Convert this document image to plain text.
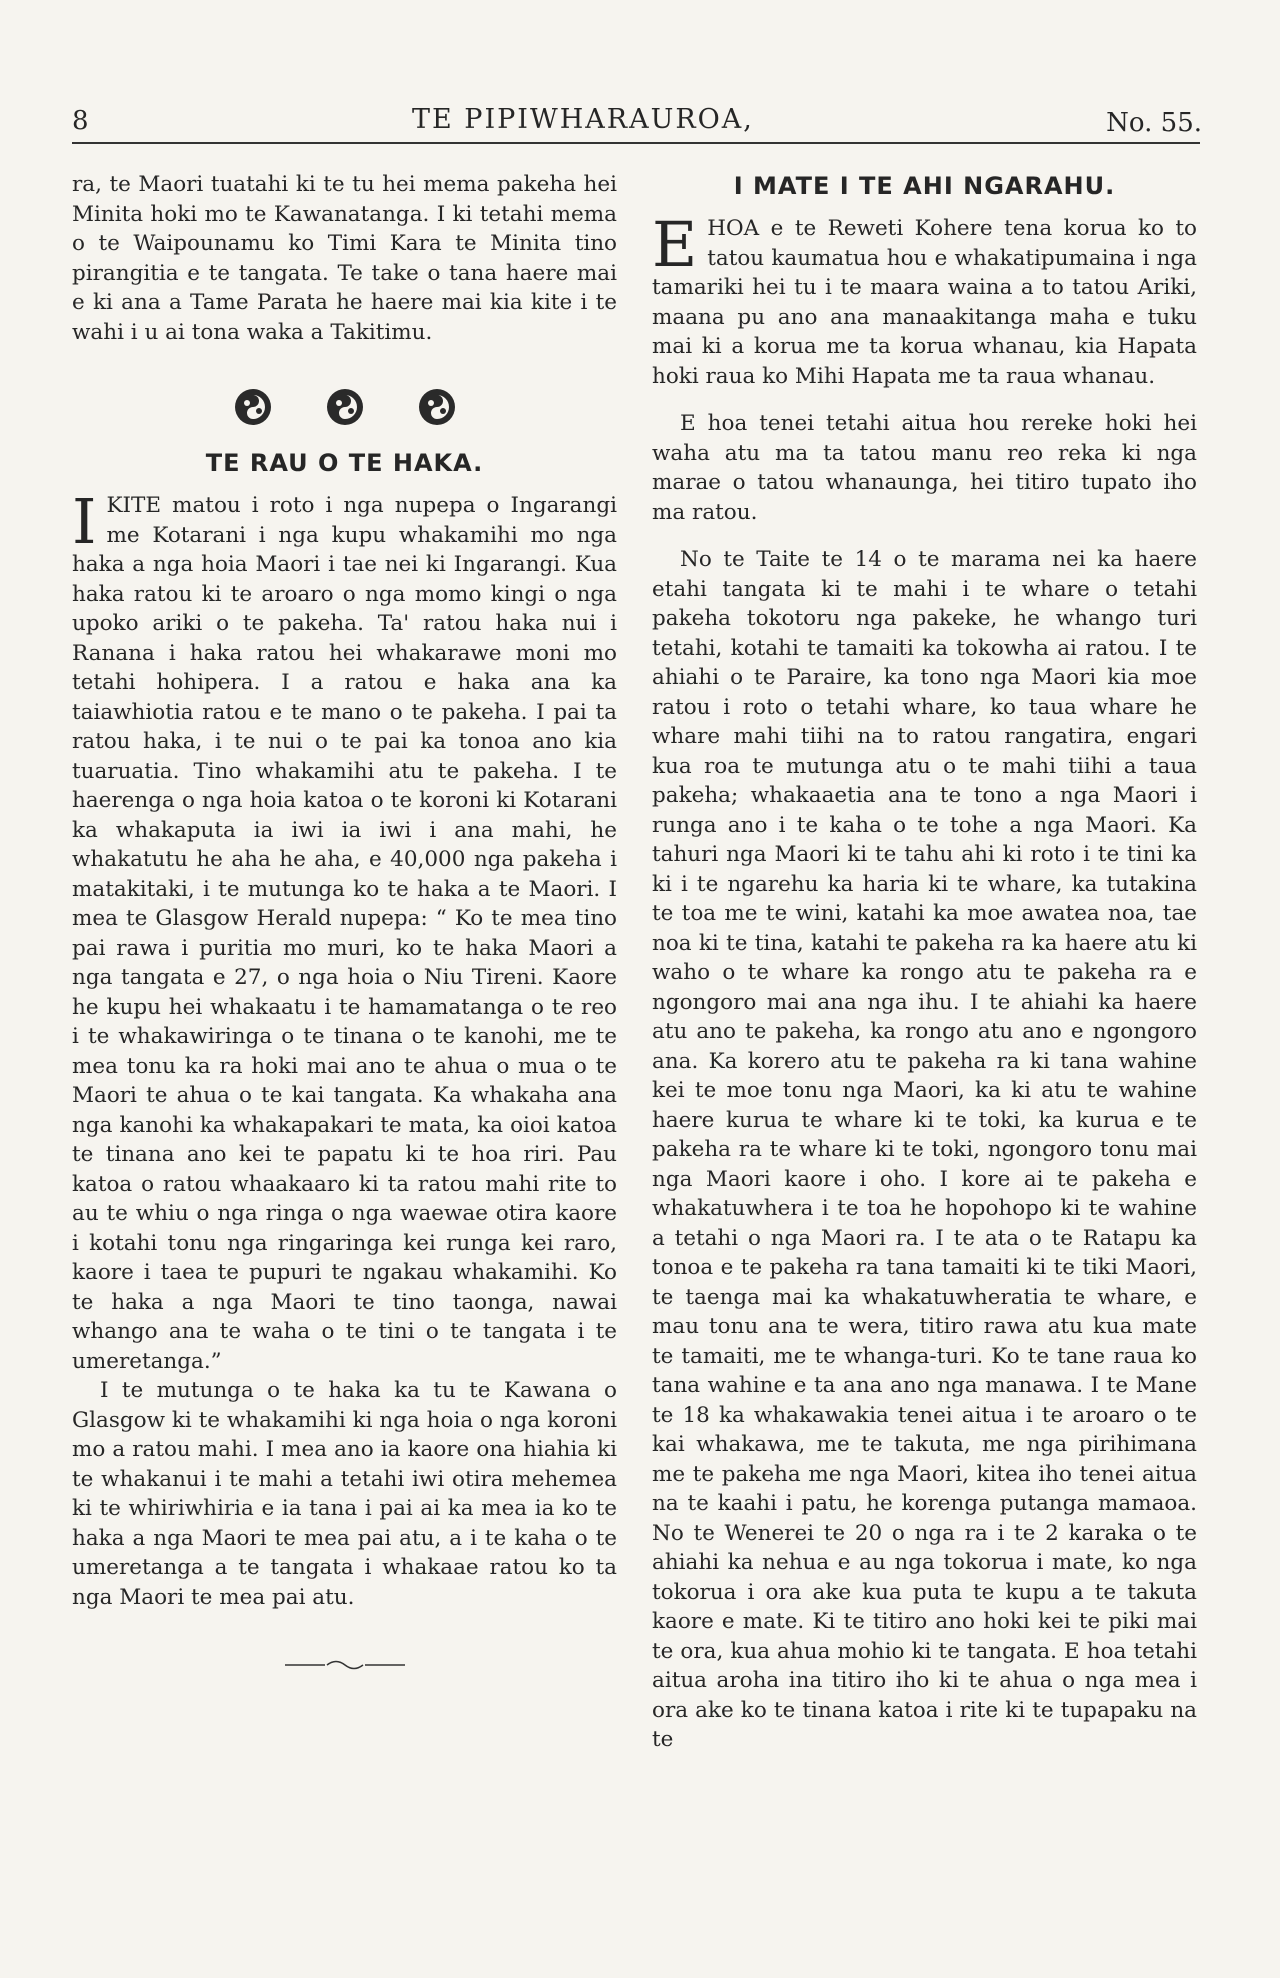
8	TE PIPIWHARAUROA,	No. 55.

ra, te Maori tuatahi ki te tu hei mema pakeha hei Minita hoki mo te Kawanatanga. I ki tetahi mema o te Waipounamu ko Timi Kara te Minita tino pirangitia e te tangata. Te take o tana haere mai e ki ana a Tame Parata he haere mai kia kite i te wahi i u ai tona waka a Takitimu.

TE RAU O TE HAKA.

IKITE matou i roto i nga nupepa o Ingarangi me Kotarani i nga kupu whakamihi mo nga haka a nga hoia Maori i tae nei ki Ingarangi. Kua haka ratou ki te aroaro o nga momo kingi o nga upoko ariki o te pakeha. Ta' ratou haka nui i Ranana i haka ratou hei whakarawe moni mo tetahi hohipera. I a ratou e haka ana ka taiawhiotia ratou e te mano o te pakeha. I pai ta ratou haka, i te nui o te pai ka tonoa ano kia tuaruatia. Tino whakamihi atu te pakeha. I te haerenga o nga hoia katoa o te koroni ki Kotarani ka whakaputa ia iwi ia iwi i ana mahi, he whakatutu he aha he aha, e 40,000 nga pakeha i matakitaki, i te mutunga ko te haka a te Maori. I mea te Glasgow Herald nupepa: “ Ko te mea tino pai rawa i puritia mo muri, ko te haka Maori a nga tangata e 27, o nga hoia o Niu Tireni. Kaore he kupu hei whakaatu i te hamamatanga o te reo i te whakawiringa o te tinana o te kanohi, me te mea tonu ka ra hoki mai ano te ahua o mua o te Maori te ahua o te kai tangata. Ka whakaha ana nga kanohi ka whakapakari te mata, ka oioi katoa te tinana ano kei te papatu ki te hoa riri. Pau katoa o ratou whaakaaro ki ta ratou mahi rite to au te whiu o nga ringa o nga waewae otira kaore i kotahi tonu nga ringaringa kei runga kei raro, kaore i taea te pupuri te ngakau whakamihi. Ko te haka a nga Maori te tino taonga, nawai whango ana te waha o te tini o te tangata i te umeretanga.”

I te mutunga o te haka ka tu te Kawana o Glasgow ki te whakamihi ki nga hoia o nga koroni mo a ratou mahi. I mea ano ia kaore ona hiahia ki te whakanui i te mahi a tetahi iwi otira mehemea ki te whiriwhiria e ia tana i pai ai ka mea ia ko te haka a nga Maori te mea pai atu, a i te kaha o te umeretanga a te tangata i whakaae ratou ko ta nga Maori te mea pai atu.

I MATE I TE AHI NGARAHU.

EHOA e te Reweti Kohere tena korua ko to tatou kaumatua hou e whakatipumaina i nga tamariki hei tu i te maara waina a to tatou Ariki, maana pu ano ana manaakitanga maha e tuku mai ki a korua me ta korua whanau, kia Hapata hoki raua ko Mihi Hapata me ta raua whanau.

E hoa tenei tetahi aitua hou rereke hoki hei waha atu ma ta tatou manu reo reka ki nga marae o tatou whanaunga, hei titiro tupato iho ma ratou.

No te Taite te 14 o te marama nei ka haere etahi tangata ki te mahi i te whare o tetahi pakeha tokotoru nga pakeke, he whango turi tetahi, kotahi te tamaiti ka tokowha ai ratou. I te ahiahi o te Paraire, ka tono nga Maori kia moe ratou i roto o tetahi whare, ko taua whare he whare mahi tiihi na to ratou rangatira, engari kua roa te mutunga atu o te mahi tiihi a taua pakeha; whakaaetia ana te tono a nga Maori i runga ano i te kaha o te tohe a nga Maori. Ka tahuri nga Maori ki te tahu ahi ki roto i te tini ka ki i te ngarehu ka haria ki te whare, ka tutakina te toa me te wini, katahi ka moe awatea noa, tae noa ki te tina, katahi te pakeha ra ka haere atu ki waho o te whare ka rongo atu te pakeha ra e ngongoro mai ana nga ihu. I te ahiahi ka haere atu ano te pakeha, ka rongo atu ano e ngongoro ana. Ka korero atu te pakeha ra ki tana wahine kei te moe tonu nga Maori, ka ki atu te wahine haere kurua te whare ki te toki, ka kurua e te pakeha ra te whare ki te toki, ngongoro tonu mai nga Maori kaore i oho. I kore ai te pakeha e whakatuwhera i te toa he hopohopo ki te wahine a tetahi o nga Maori ra. I te ata o te Ratapu ka tonoa e te pakeha ra tana tamaiti ki te tiki Maori, te taenga mai ka whakatuwheratia te whare, e mau tonu ana te wera, titiro rawa atu kua mate te tamaiti, me te whanga-turi. Ko te tane raua ko tana wahine e ta ana ano nga manawa. I te Mane te 18 ka whakawakia tenei aitua i te aroaro o te kai whakawa, me te takuta, me nga pirihimana me te pakeha me nga Maori, kitea iho tenei aitua na te kaahi i patu, he korenga putanga mamaoa. No te Wenerei te 20 o nga ra i te 2 karaka o te ahiahi ka nehua e au nga tokorua i mate, ko nga tokorua i ora ake kua puta te kupu a te takuta kaore e mate. Ki te titiro ano hoki kei te piki mai te ora, kua ahua mohio ki te tangata. E hoa tetahi aitua aroha ina titiro iho ki te ahua o nga mea i ora ake ko te tinana katoa i rite ki te tupapaku na te
